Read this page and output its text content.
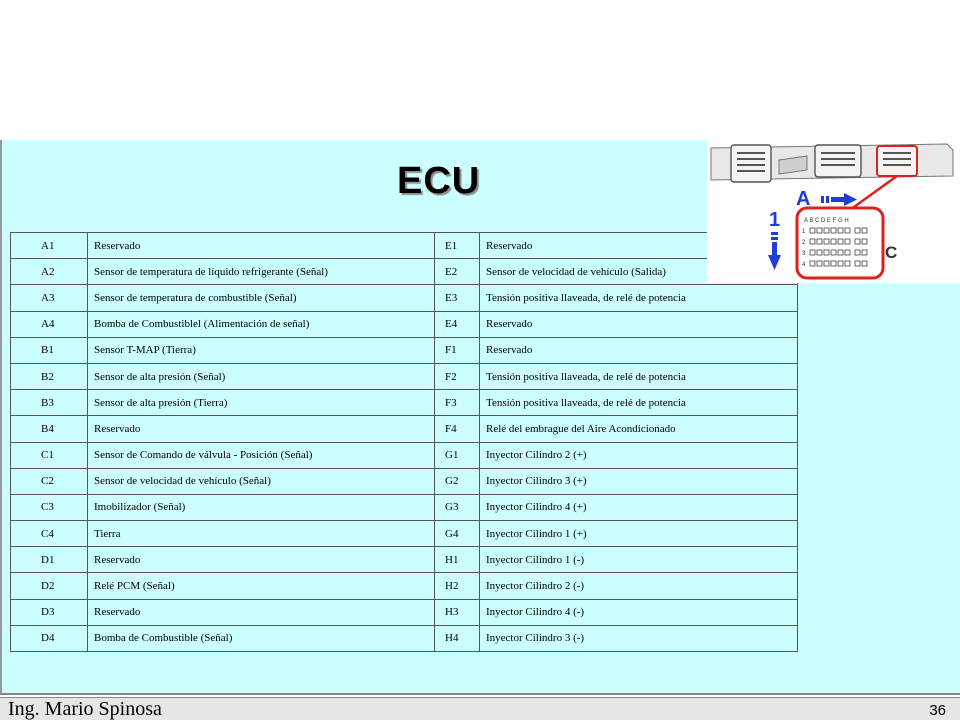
ECU
A1	Reservado	E1	Reservado
A2	Sensor de temperatura de líquido refrigerante (Señal)	E2	Sensor de velocidad de vehículo (Salida)
A3	Sensor de temperatura de combustible (Señal)	E3	Tensión positiva llaveada, de relé de potencia
A4	Bomba de Combustiblel (Alimentación de señal)	E4	Reservado
B1	Sensor T-MAP (Tierra)	F1	Reservado
B2	Sensor de alta presión (Señal)	F2	Tensión positiva llaveada, de relé de potencia
B3	Sensor de alta presión (Tierra)	F3	Tensión positiva llaveada, de relé de potencia
B4	Reservado	F4	Relé del embrague del Aire Acondicionado
C1	Sensor de Comando de válvula - Posición (Señal)	G1	Inyector Cilindro 2 (+)
C2	Sensor de velocidad de vehículo (Señal)	G2	Inyector Cilindro 3 (+)
C3	Imobilizador (Señal)	G3	Inyector Cilindro 4 (+)
C4	Tierra	G4	Inyector Cilindro 1 (+)
D1	Reservado	H1	Inyector Cilindro 1 (-)
D2	Relé PCM (Señal)	H2	Inyector Cilindro 2 (-)
D3	Reservado	H3	Inyector Cilindro 4 (-)
D4	Bomba de Combustible (Señal)	H4	Inyector Cilindro 3 (-)
A B C D E F G H
1
2
3
4
C
A
1
Ing. Mario Spinosa	36
